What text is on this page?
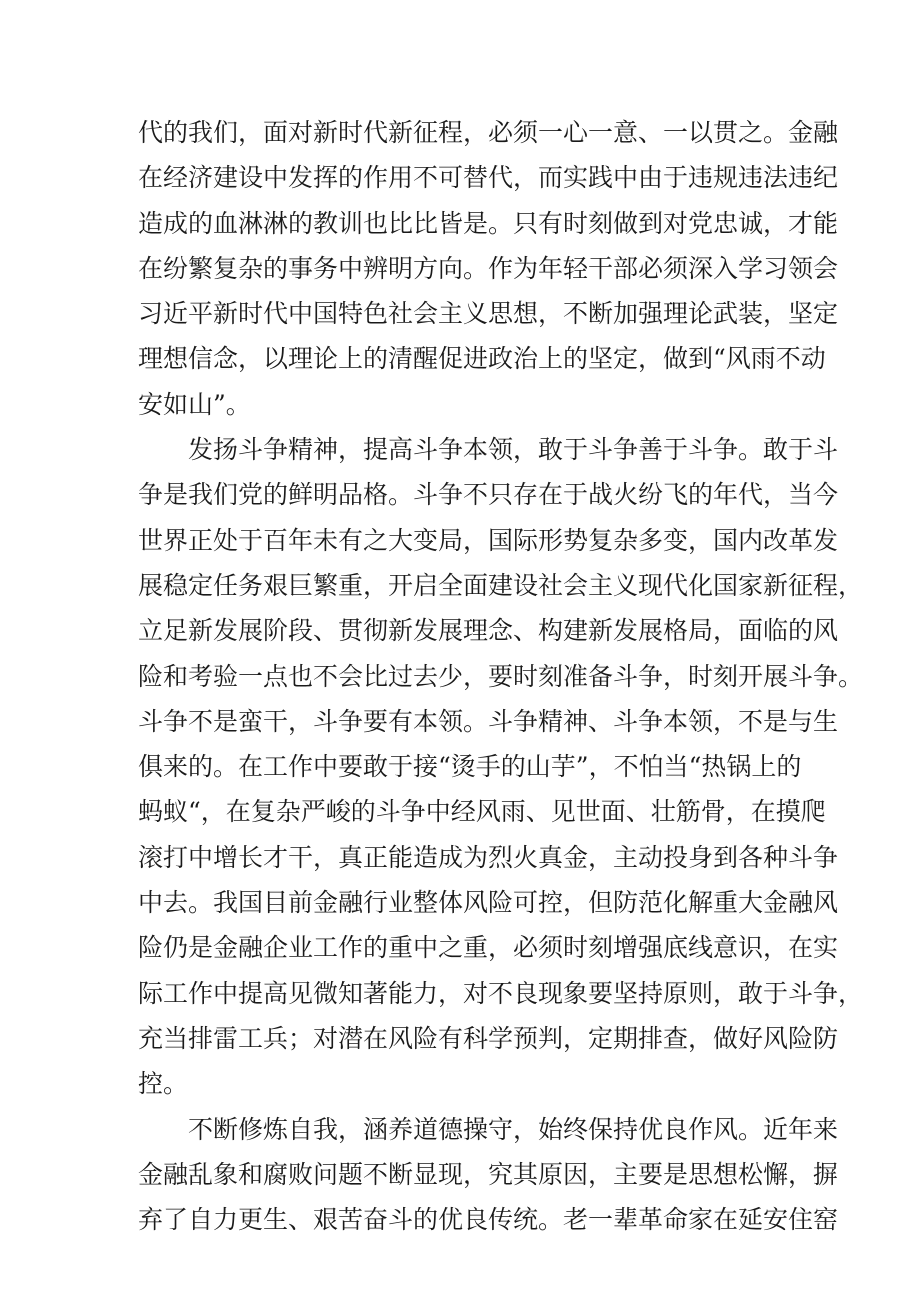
代的我们，面对新时代新征程，必须一心一意、一以贯之。金融
在经济建设中发挥的作用不可替代，而实践中由于违规违法违纪
造成的血淋淋的教训也比比皆是。只有时刻做到对党忠诚，才能
在纷繁复杂的事务中辨明方向。作为年轻干部必须深入学习领会
习近平新时代中国特色社会主义思想，不断加强理论武装，坚定
理想信念，以理论上的清醒促进政治上的坚定，做到“风雨不动
安如山”。
发扬斗争精神，提高斗争本领，敢于斗争善于斗争。敢于斗
争是我们党的鲜明品格。斗争不只存在于战火纷飞的年代，当今
世界正处于百年未有之大变局，国际形势复杂多变，国内改革发
展稳定任务艰巨繁重，开启全面建设社会主义现代化国家新征程，
立足新发展阶段、贯彻新发展理念、构建新发展格局，面临的风
险和考验一点也不会比过去少，要时刻准备斗争，时刻开展斗争。
斗争不是蛮干，斗争要有本领。斗争精神、斗争本领，不是与生
俱来的。在工作中要敢于接“烫手的山芋”，不怕当“热锅上的
蚂蚁“，在复杂严峻的斗争中经风雨、见世面、壮筋骨，在摸爬
滚打中增长才干，真正能造成为烈火真金，主动投身到各种斗争
中去。我国目前金融行业整体风险可控，但防范化解重大金融风
险仍是金融企业工作的重中之重，必须时刻增强底线意识，在实
际工作中提高见微知著能力，对不良现象要坚持原则，敢于斗争，
充当排雷工兵；对潜在风险有科学预判，定期排查，做好风险防
控。
不断修炼自我，涵养道德操守，始终保持优良作风。近年来
金融乱象和腐败问题不断显现，究其原因，主要是思想松懈，摒
弃了自力更生、艰苦奋斗的优良传统。老一辈革命家在延安住窑
